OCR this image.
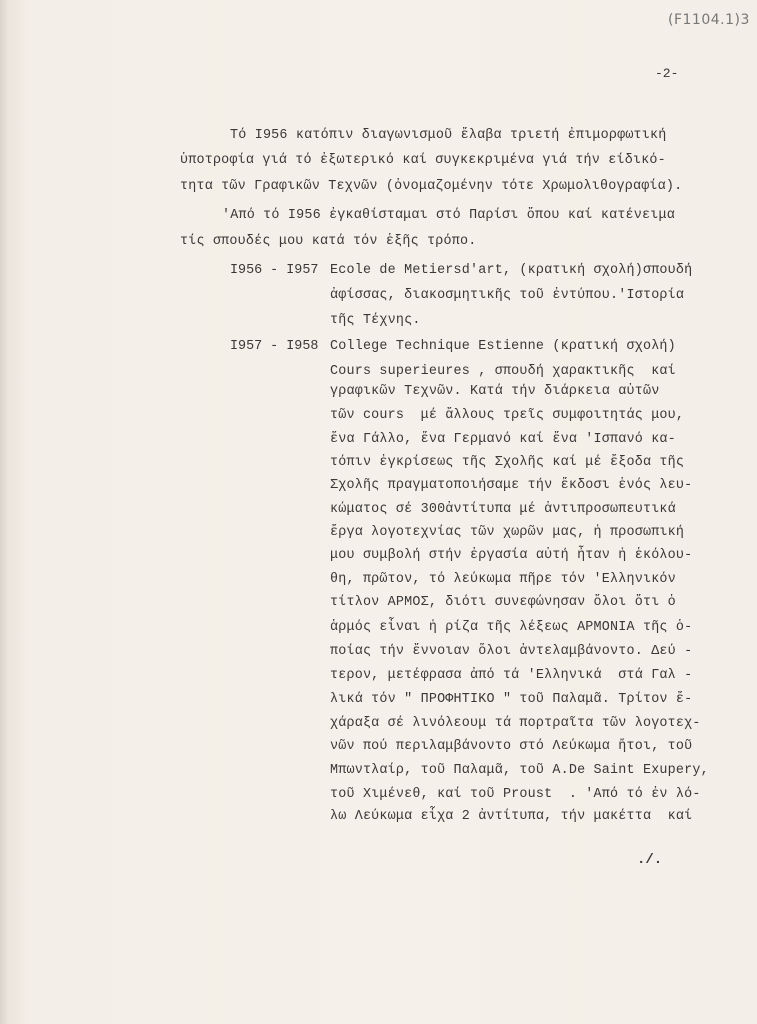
(F1104.1)3
-2-
Τό I956 κατόπιν διαγωνισμοῦ ἔλαβα τριετή ἐπιμορφωτική
ὑποτροφία γιά τό ἐξωτερικό καί συγκεκριμένα γιά τήν είδικό-
τητα τῶν Γραφικῶν Τεχνῶν (ὀνομαζομένην τότε Χρωμολιθογραφία).
'Από τό I956 ἐγκαθίσταμαι στό Παρίσι ὅπου καί κατένειμα
τίς σπουδές μου κατά τόν ἑξῆς τρόπο.
I956 - I957 Ecole de Metiersd'art, (κρατική σχολή)σπουδή
ἀφίσσας, διακοσμητικῆς τοῦ ἐντύπου.'Ιστορία
τῆς Τέχνης.
I957 - I958 College Technique Estienne (κρατική σχολή)
Cours superieures , σπουδή χαρακτικῆς  καί
γραφικῶν Τεχνῶν. Κατά τήν διάρκεια αὐτῶν
τῶν cours  μέ ἄλλους τρεῖς συμφοιτητάς μου,
ἕνα Γάλλο, ἕνα Γερμανό καί ἕνα 'Ισπανό κα-
τόπιν ἐγκρίσεως τῆς Σχολῆς καί μέ ἔξοδα τῆς
Σχολῆς πραγματοποιήσαμε τήν ἔκδοσι ἑνός λευ-
κώματος σέ 300ἀντίτυπα μέ ἀντιπροσωπευτικά
ἔργα λογοτεχνίας τῶν χωρῶν μας, ἡ προσωπική
μου συμβολή στήν ἐργασία αὐτή ἦταν ἡ ἑκόλου-
θη, πρῶτον, τό λεύκωμα πῆρε τόν 'Ελληνικόν
τίτλον ΑΡΜΟΣ, διότι συνεφώνησαν ὅλοι ὅτι ὁ
ἁρμός εἶναι ἡ ρίζα τῆς λέξεως ΑΡΜΟΝΙΑ τῆς ὁ-
ποίας τήν ἔννοιαν ὅλοι ἀντελαμβάνοντο. Δεύ -
τερον, μετέφρασα ἀπό τά 'Ελληνικά  στά Γαλ -
λικά τόν " ΠΡΟΦΗΤΙΚΟ " τοῦ Παλαμᾶ. Τρίτον ἔ-
χάραξα σέ λινόλεουμ τά πορτραῖτα τῶν λογοτεχ-
νῶν πού περιλαμβάνοντο στό Λεύκωμα ἤτοι, τοῦ
Μπωντλαίρ, τοῦ Παλαμᾶ, τοῦ A.De Saint Exupery,
τοῦ Χιμένεθ, καί τοῦ Proust  . 'Από τό ἐν λό-
λω Λεύκωμα εἶχα 2 ἀντίτυπα, τήν μακέττα  καί
./.
